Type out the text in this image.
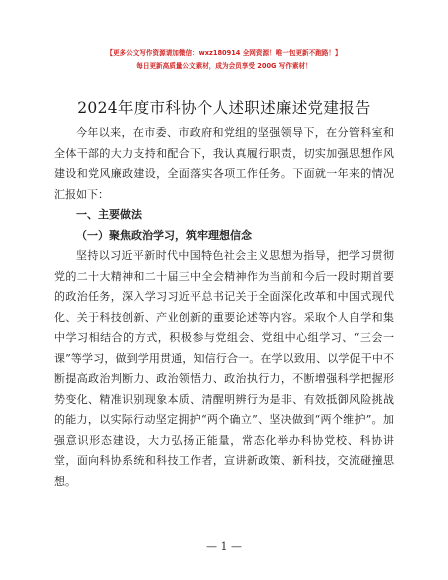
【更多公文写作资源请加微信：wxz180914 全网资源！唯一包更新不跑路！】
每日更新高质量公文素材，成为会员享受 200G 写作素材！
2024年度市科协个人述职述廉述党建报告

今年以来，在市委、市政府和党组的坚强领导下，在分管科室和全体干部的大力支持和配合下，我认真履行职责，切实加强思想作风建设和党风廉政建设，全面落实各项工作任务。下面就一年来的情况汇报如下：

一、主要做法

（一）聚焦政治学习，筑牢理想信念

坚持以习近平新时代中国特色社会主义思想为指导，把学习贯彻党的二十大精神和二十届三中全会精神作为当前和今后一段时期首要的政治任务，深入学习习近平总书记关于全面深化改革和中国式现代化、关于科技创新、产业创新的重要论述等内容。采取个人自学和集中学习相结合的方式，积极参与党组会、党组中心组学习、“三会一课”等学习，做到学用贯通，知信行合一。在学以致用、以学促干中不断提高政治判断力、政治领悟力、政治执行力，不断增强科学把握形势变化、精准识别现象本质、清醒明辨行为是非、有效抵御风险挑战的能力，以实际行动坚定拥护“两个确立”、坚决做到“两个维护”。加强意识形态建设，大力弘扬正能量，常态化举办科协党校、科协讲堂，面向科协系统和科技工作者，宣讲新政策、新科技，交流碰撞思想。

— 1 —
